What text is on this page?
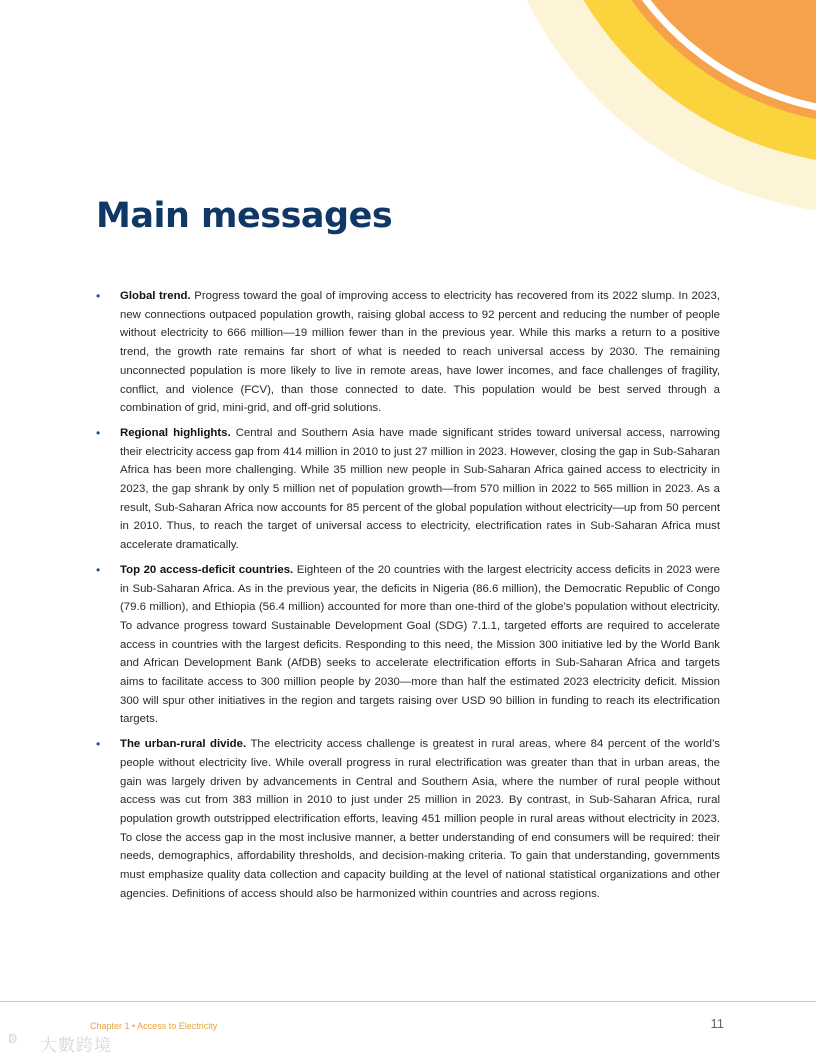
Main messages
• Global trend. Progress toward the goal of improving access to electricity has recovered from its 2022 slump. In 2023, new connections outpaced population growth, raising global access to 92 percent and reducing the number of people without electricity to 666 million—19 million fewer than in the previous year. While this marks a return to a positive trend, the growth rate remains far short of what is needed to reach universal access by 2030. The remaining unconnected population is more likely to live in remote areas, have lower incomes, and face challenges of fragility, conflict, and violence (FCV), than those connected to date. This population would be best served through a combination of grid, mini-grid, and off-grid solutions.
• Regional highlights. Central and Southern Asia have made significant strides toward universal access, narrowing their electricity access gap from 414 million in 2010 to just 27 million in 2023. However, closing the gap in Sub-Saharan Africa has been more challenging. While 35 million new people in Sub-Saharan Africa gained access to electricity in 2023, the gap shrank by only 5 million net of population growth—from 570 million in 2022 to 565 million in 2023. As a result, Sub-Saharan Africa now accounts for 85 percent of the global population without electricity—up from 50 percent in 2010. Thus, to reach the target of universal access to electricity, electrification rates in Sub-Saharan Africa must accelerate dramatically.
• Top 20 access-deficit countries. Eighteen of the 20 countries with the largest electricity access deficits in 2023 were in Sub-Saharan Africa. As in the previous year, the deficits in Nigeria (86.6 million), the Democratic Republic of Congo (79.6 million), and Ethiopia (56.4 million) accounted for more than one-third of the globe’s population without electricity. To advance progress toward Sustainable Development Goal (SDG) 7.1.1, targeted efforts are required to accelerate access in countries with the largest deficits. Responding to this need, the Mission 300 initiative led by the World Bank and African Development Bank (AfDB) seeks to accelerate electrification efforts in Sub-Saharan Africa and targets aims to facilitate access to 300 million people by 2030—more than half the estimated 2023 electricity deficit. Mission 300 will spur other initiatives in the region and targets raising over USD 90 billion in funding to reach its electrification targets.
• The urban-rural divide. The electricity access challenge is greatest in rural areas, where 84 percent of the world’s people without electricity live. While overall progress in rural electrification was greater than that in urban areas, the gain was largely driven by advancements in Central and Southern Asia, where the number of rural people without access was cut from 383 million in 2010 to just under 25 million in 2023. By contrast, in Sub-Saharan Africa, rural population growth outstripped electrification efforts, leaving 451 million people in rural areas without electricity in 2023. To close the access gap in the most inclusive manner, a better understanding of end consumers will be required: their needs, demographics, affordability thresholds, and decision-making criteria. To gain that understanding, governments must emphasize quality data collection and capacity building at the level of national statistical organizations and other agencies. Definitions of access should also be harmonized within countries and across regions.
Chapter 1 • Access to Electricity	11
ↁ	大數跨境
